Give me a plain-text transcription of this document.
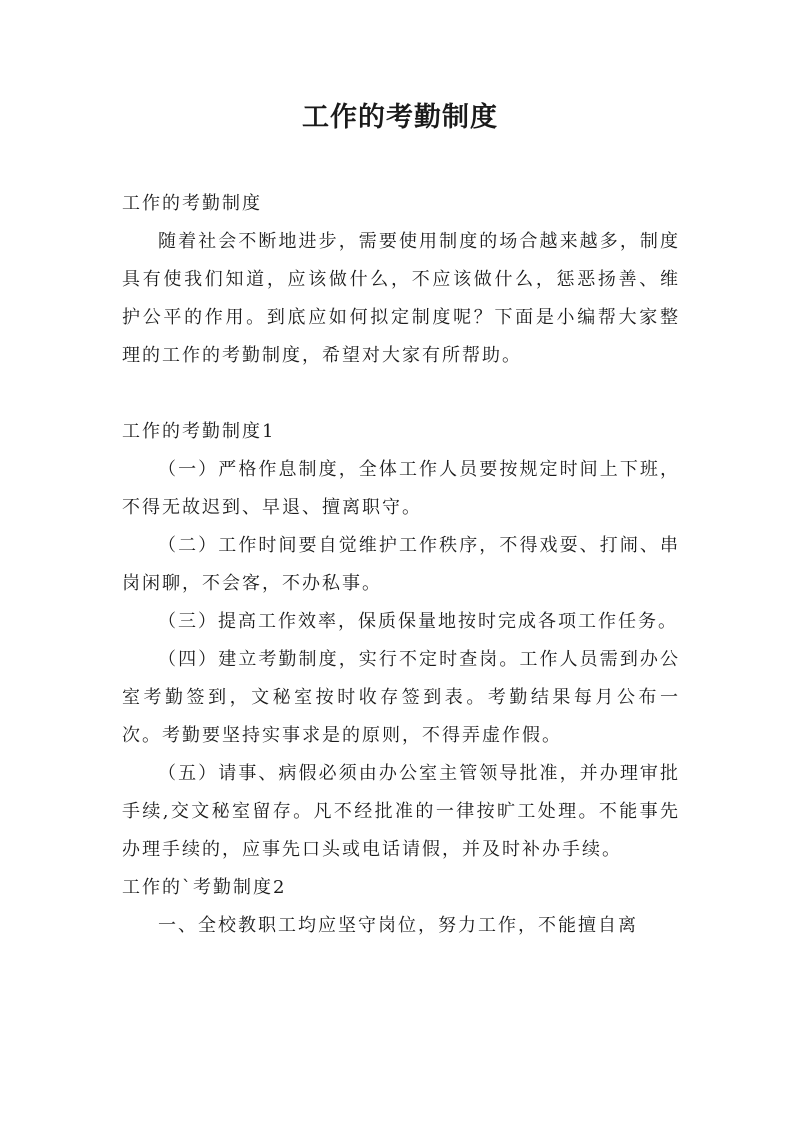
工作的考勤制度

工作的考勤制度

随着社会不断地进步，需要使用制度的场合越来越多，制度具有使我们知道，应该做什么，不应该做什么，惩恶扬善、维护公平的作用。到底应如何拟定制度呢？下面是小编帮大家整理的工作的考勤制度，希望对大家有所帮助。

工作的考勤制度1

（一）严格作息制度，全体工作人员要按规定时间上下班，不得无故迟到、早退、擅离职守。

（二）工作时间要自觉维护工作秩序，不得戏耍、打闹、串岗闲聊，不会客，不办私事。

（三）提高工作效率，保质保量地按时完成各项工作任务。

（四）建立考勤制度，实行不定时查岗。工作人员需到办公室考勤签到，文秘室按时收存签到表。考勤结果每月公布一次。考勤要坚持实事求是的原则，不得弄虚作假。

（五）请事、病假必须由办公室主管领导批准，并办理审批手续,交文秘室留存。凡不经批准的一律按旷工处理。不能事先办理手续的，应事先口头或电话请假，并及时补办手续。

工作的`考勤制度2

一、全校教职工均应坚守岗位，努力工作，不能擅自离
